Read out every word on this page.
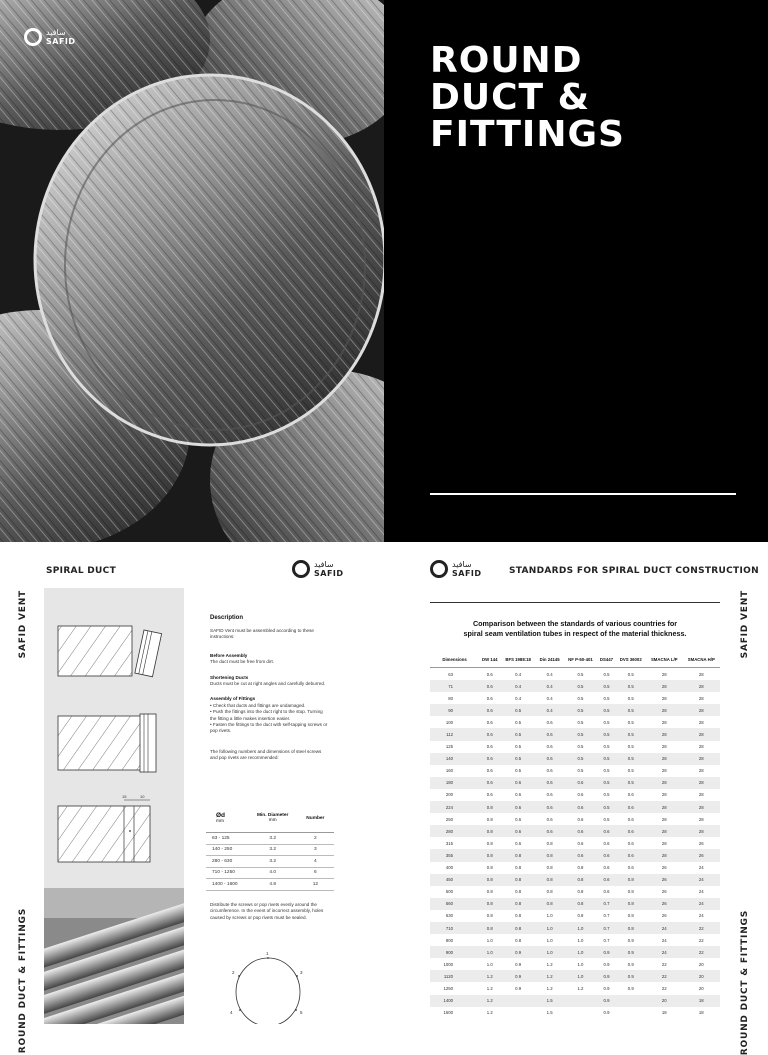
سافيد
SAFID	ROUND
DUCT &
FITTINGS
SPIRAL DUCT
سافيد
SAFID
SAFID VENT
ROUND DUCT & FITTINGS
15	10
Description
SAFID Vent must be assembled according to these instructions:
Before Assembly
The duct must be free from dirt.
Shortening Ducts
Ducts must be cut at right angles and carefully deburred.
Assembly of Fittings
• Check that ducts and fittings are undamaged.
• Push the fittings into the duct right to the stop. Turning the fitting a little makes insertion easier.
• Fasten the fittings to the duct with self-tapping screws or pop rivets.
The following numbers and dimensions of steel screws and pop rivets are recommended:
Ød
mm	Min. Diameter
mm	Number

63 - 125	3.2	2
140 - 250	3.2	3
280 - 630	3.2	4
710 - 1250	4.0	6
1400 - 1600	4.8	12
Distribute the screws or pop rivets evenly around the circumference. In the event of incorrect assembly, holes caused by screws or pop rivets must be sealed.
1
3
2
4	5
سافيد
SAFID	STANDARDS FOR SPIRAL DUCT CONSTRUCTION
SAFID VENT
ROUND DUCT & FITTINGS
Comparison between the standards of various countries for
spiral seam ventilation tubes in respect of the material thickness.
Dimensions	DW 144	BFS 1988:18	Din 24145	NF P-50-401	DS447	DVS 36002	SMACNA L/P	SMACNA H/P
63	0.6	0.4	0.4	0.5	0.5	0.5	28	28
71	0.6	0.4	0.4	0.5	0.5	0.5	28	28
80	0.6	0.4	0.4	0.5	0.5	0.5	28	28
90	0.6	0.5	0.4	0.5	0.5	0.5	28	28
100	0.6	0.5	0.6	0.5	0.5	0.5	28	28
112	0.6	0.5	0.6	0.5	0.5	0.5	28	28
125	0.6	0.5	0.6	0.5	0.5	0.5	28	28
140	0.6	0.5	0.6	0.5	0.5	0.5	28	28
160	0.6	0.5	0.6	0.5	0.5	0.5	28	28
180	0.6	0.6	0.6	0.6	0.5	0.5	28	28
200	0.6	0.6	0.6	0.6	0.5	0.6	28	28
224	0.8	0.6	0.6	0.6	0.5	0.6	28	28
250	0.8	0.6	0.6	0.6	0.5	0.6	28	28
280	0.8	0.6	0.6	0.6	0.6	0.6	28	28
315	0.8	0.6	0.8	0.6	0.6	0.6	28	26
355	0.8	0.8	0.8	0.6	0.6	0.6	28	26
400	0.8	0.8	0.8	0.8	0.6	0.6	26	24
450	0.8	0.8	0.8	0.8	0.6	0.8	26	24
500	0.8	0.8	0.8	0.8	0.6	0.8	26	24
560	0.8	0.8	0.8	0.8	0.7	0.8	26	24
630	0.8	0.8	1.0	0.8	0.7	0.8	26	24
710	0.8	0.8	1.0	1.0	0.7	0.8	24	22
800	1.0	0.8	1.0	1.0	0.7	0.9	24	22
900	1.0	0.9	1.0	1.0	0.9	0.9	24	22
1000	1.0	0.9	1.2	1.0	0.9	0.9	22	20
1120	1.2	0.9	1.2	1.0	0.9	0.9	22	20
1250	1.2	0.9	1.2	1.2	0.9	0.9	22	20
1400	1.2		1.5		0.9		20	18
1600	1.2		1.5		0.9		18	18
